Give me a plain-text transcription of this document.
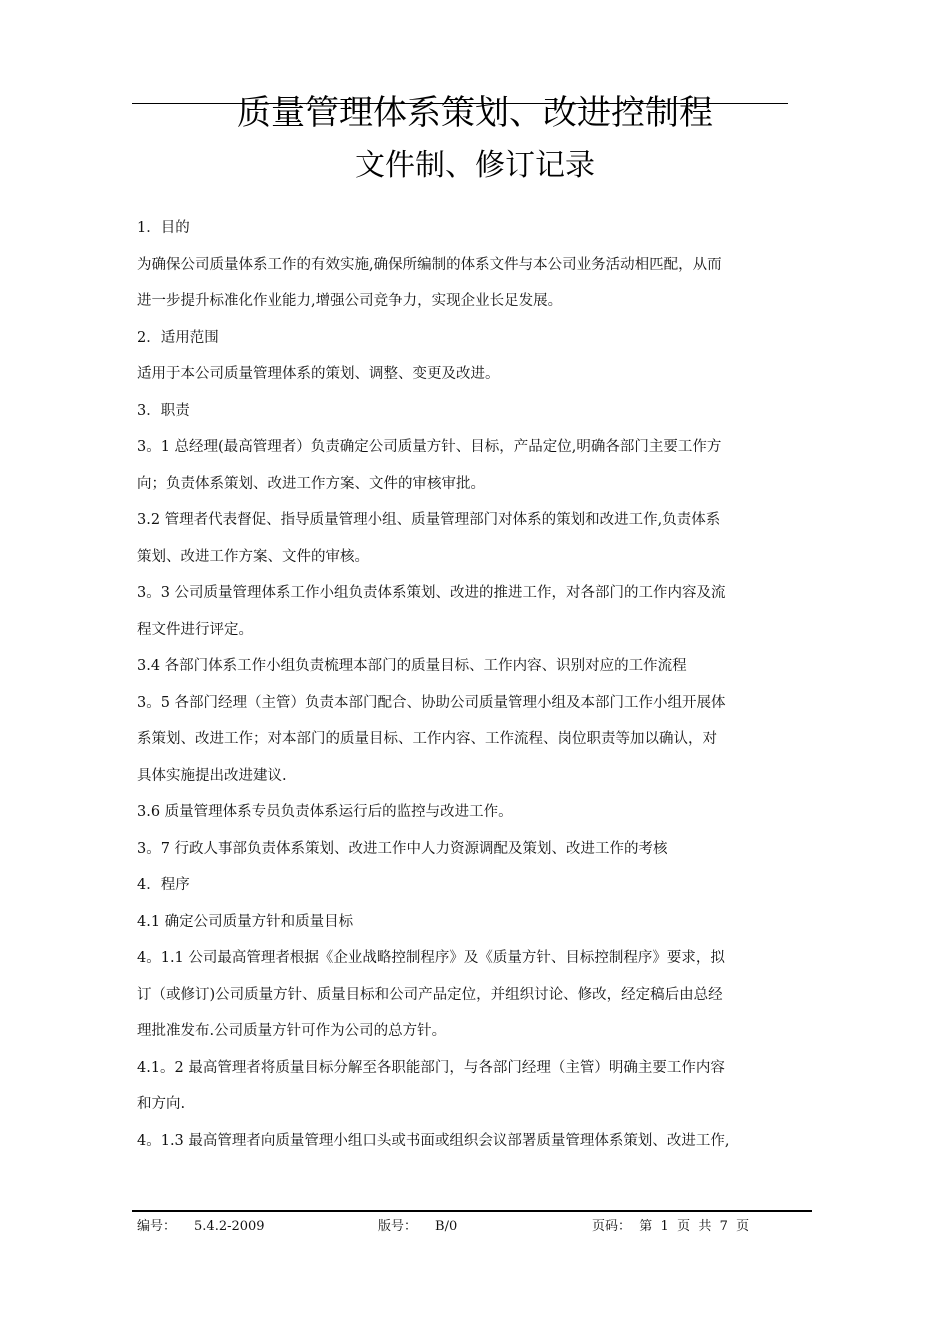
质量管理体系策划、改进控制程
文件制、修订记录
1．目的
为确保公司质量体系工作的有效实施,确保所编制的体系文件与本公司业务活动相匹配，从而
进一步提升标准化作业能力,增强公司竞争力，实现企业长足发展。
2．适用范围
适用于本公司质量管理体系的策划、调整、变更及改进。
3．职责
3。1 总经理(最高管理者）负责确定公司质量方针、目标，产品定位,明确各部门主要工作方
向；负责体系策划、改进工作方案、文件的审核审批。
3.2 管理者代表督促、指导质量管理小组、质量管理部门对体系的策划和改进工作,负责体系
策划、改进工作方案、文件的审核。
3。3 公司质量管理体系工作小组负责体系策划、改进的推进工作，对各部门的工作内容及流
程文件进行评定。
3.4 各部门体系工作小组负责梳理本部门的质量目标、工作内容、识别对应的工作流程
3。5 各部门经理（主管）负责本部门配合、协助公司质量管理小组及本部门工作小组开展体
系策划、改进工作；对本部门的质量目标、工作内容、工作流程、岗位职责等加以确认，对
具体实施提出改进建议.
3.6 质量管理体系专员负责体系运行后的监控与改进工作。
3。7 行政人事部负责体系策划、改进工作中人力资源调配及策划、改进工作的考核
4．程序
4.1 确定公司质量方针和质量目标
4。1.1 公司最高管理者根据《企业战略控制程序》及《质量方针、目标控制程序》要求，拟
订（或修订)公司质量方针、质量目标和公司产品定位，并组织讨论、修改，经定稿后由总经
理批准发布.公司质量方针可作为公司的总方针。
4.1。2 最高管理者将质量目标分解至各职能部门，与各部门经理（主管）明确主要工作内容
和方向.
4。1.3 最高管理者向质量管理小组口头或书面或组织会议部署质量管理体系策划、改进工作,
编号： 5.4.2-2009	版号： B/0	页码：  第  1  页  共  7  页
